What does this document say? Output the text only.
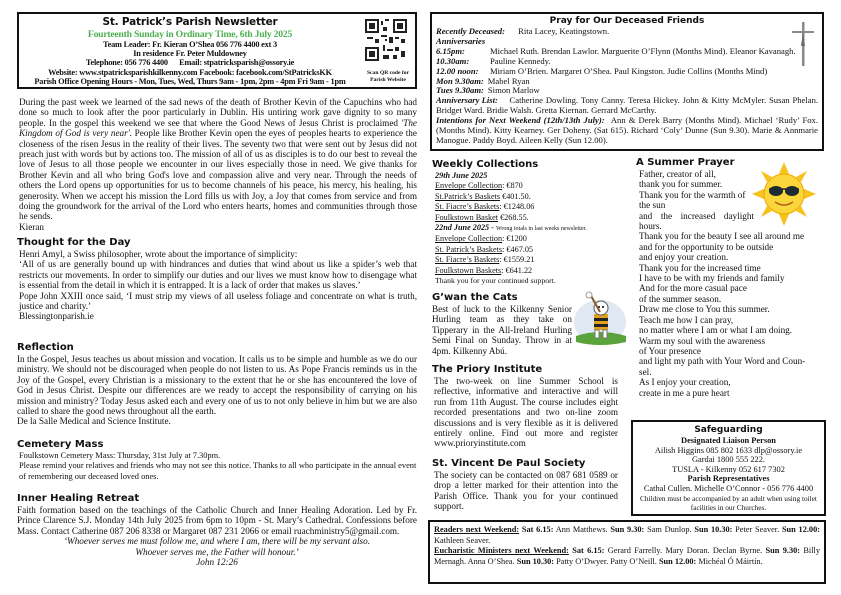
St. Patrick’s Parish Newsletter
Fourteenth Sunday in Ordinary Time, 6th July 2025
Team Leader: Fr. Kieran O’Shea 056 776 4400 ext 3
In residence Fr. Peter Muldowney
Telephone: 056 776 4400      Email: stpatricksparish@ossory.ie
Website: www.stpatricksparishkilkenny.com Facebook: facebook.com/StPatricksKK
Parish Office Opening Hours - Mon, Tues, Wed, Thurs 9am - 1pm, 2pm - 4pm Fri 9am - 1pm
Scan QR code for Parish Website
During the past week we learned of the sad news of the death of Brother Kevin of the Capuchins who had done so much to look after the poor particularly in Dublin. His untiring work gave dignity to so many people. In the gospel this weekend we see that where the Good News of Jesus Christ is proclaimed 'The Kingdom of God is very near'. People like Brother Kevin open the eyes of peoples hearts to experience the closeness of the risen Jesus in the reality of their lives. The seventy two that were sent out by Jesus did not preach just with words but by actions too. The mission of all of us as disciples is to do our best to reveal the love of Jesus to all those people we encounter in our lives especially those in need. We give thanks for Brother Kevin and all who bring God's love and compassion alive and very near. Through the needs of others the Lord opens up opportunities for us to become channels of his peace, his mercy, his healing, his generosity. When we accept his mission the Lord fills us with Joy, a Joy that comes from service and from doing the groundwork for the arrival of the Lord who enters hearts, homes and communities through those he sends.
Kieran
Thought for the Day
Henri Amyl, a Swiss philosopher, wrote about the importance of simplicity:
‘All of us are generally bound up with hindrances and duties that wind about us like a spider’s web that restricts our movements. In order to simplify our duties and our lives we must know how to disengage what is essential from the detail in which it is entrapped. It is a lack of order that makes us slaves.’
Pope John XXIII once said, ‘I must strip my views of all useless foliage and concentrate on what is truth, justice and charity.’
Blessingtonparish.ie
Reflection
In the Gospel, Jesus teaches us about mission and vocation. It calls us to be simple and humble as we do our ministry. We should not be discouraged when people do not listen to us. As Pope Francis reminds us in the Joy of the Gospel, every Christian is a missionary to the extent that he or she has encountered the love of God in Jesus Christ. Despite our differences are we ready to accept the responsibility of carrying on his mission and ministry? Today Jesus asked each and every one of us to not only believe in him but we are also called to share the good news throughout all the earth.
De la Salle Medical and Science Institute.
Cemetery Mass
Foulkstown Cemetery Mass: Thursday, 31st July at 7.30pm.
Please remind your relatives and friends who may not see this notice. Thanks to all who participate in the annual event of remembering our deceased loved ones.
Inner Healing Retreat
Faith formation based on the teachings of the Catholic Church and Inner Healing Adoration. Led by Fr. Prince Clarence S.J. Monday 14th July 2025 from 6pm to 10pm - St. Mary’s Cathedral. Confessions before Mass. Contact Catherine 087 206 8338 or Margaret 087 231 2066 or email ruachministry5@gmail.com.
‘Whoever serves me must follow me, and where I am, there will be my servant also.
Whoever serves me, the Father will honour.’
John 12:26
Pray for Our Deceased Friends
Recently Deceased: Rita Lacey, Keatingstown.
Anniversaries
6.15pm:	Michael Ruth. Brendan Lawlor. Marguerite O’Flynn (Months Mind). Eleanor Kavanagh.
10.30am: Pauline Kennedy.
12.00 noon: Miriam O’Brien. Margaret O’Shea. Paul Kingston. Judie Collins (Months Mind)
Mon 9.30am: Mabel Ryan
Tues 9.30am: Simon Marlow
Anniversary List: Catherine Dowling. Tony Canny. Teresa Hickey. John & Kitty McMyler. Susan Phelan. Bridget Ward. Bridie Walsh. Gretta Kiernan. Gerrard McCarthy.
Intentions for Next Weekend (12th/13th July): Ann & Derek Barry (Months Mind). Michael ‘Rudy’ Fox. (Months Mind). Kitty Kearney. Ger Doheny. (Sat 615). Richard ‘Coly’ Dunne (Sun 9.30). Marie & Annmarie Manogue. Paddy Boyd. Aileen Kelly (Sun 12.00).
Weekly Collections
29th June 2025
Envelope Collection: €870
St.Patrick’s Baskets €401.50.
St. Fiacre’s Baskets: €1248.06
Foulkstown Basket €268.55.
22nd June 2025 - Wrong totals in last weeks newsletter.
Envelope Collection: €1200
St. Patrick’s Baskets: €467.05
St. Fiacre’s Baskets: €1559.21
Foulkstown Baskets: €641.22
Thank you for your continued support.
G’wan the Cats
Best of luck to the Kilkenny Senior Hurling team as they take on Tipperary in the All-Ireland Hurling Semi Final on Sunday. Throw in at 4pm. Kilkenny Abú.
The Priory Institute
The two-week on line Summer School is reflective, informative and interactive and will run from 11th August. The course includes eight recorded presentations and two on-line zoom discussions and is very flexible as it is delivered entirely online. Find out more and register www.prioryinstitute.com
St. Vincent De Paul Society
The society can be contacted on 087 681 0589 or drop a letter marked for their attention into the Parish Office. Thank you for your continued support.
A Summer Prayer
Father, creator of all,
thank you for summer.
Thank you for the warmth of
the sun
and the increased daylight
hours.
Thank you for the beauty I see all around me
and for the opportunity to be outside
and enjoy your creation.
Thank you for the increased time
I have to be with my friends and family
And for the more casual pace
of the summer season.
Draw me close to You this summer.
Teach me how I can pray,
no matter where I am or what I am doing.
Warm my soul with the awareness
of Your presence
and light my path with Your Word and Coun-
sel.
As I enjoy your creation,
create in me a pure heart
Safeguarding
Designated Liaison Person
Ailish Higgins 085 802 1633 dlp@ossory.ie
Gardai 1800 555 222.
TUSLA - Kilkenny 052 617 7302
Parish Representatives
Cathal Cullen. Michelle O’Connor - 056 776 4400
Children must be accompanied by an adult when using toilet facilities in our Churches.
Readers next Weekend: Sat 6.15: Ann Matthews. Sun 9.30: Sam Dunlop. Sun 10.30: Peter Seaver. Sun 12.00: Kathleen Seaver.
Eucharistic Ministers next Weekend: Sat 6.15: Gerard Farrelly. Mary Doran. Declan Byrne. Sun 9.30: Billy Mernagh. Anna O’Shea. Sun 10.30: Patty O’Dwyer. Patty O’Neill. Sun 12.00: Michéal Ó Máirtín.
